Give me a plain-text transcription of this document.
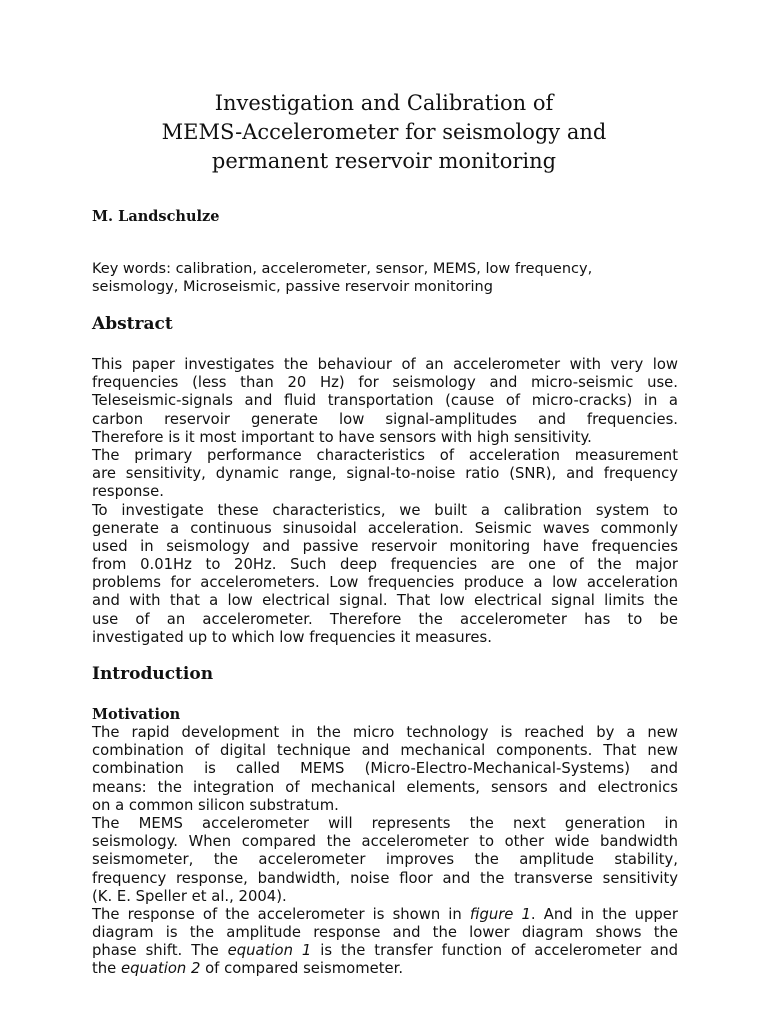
Investigation and Calibration of
MEMS-Accelerometer for seismology and
permanent reservoir monitoring
M. Landschulze
Key words: calibration, accelerometer, sensor, MEMS, low frequency,
seismology, Microseismic, passive reservoir monitoring
Abstract
This paper investigates the behaviour of an accelerometer with very low
frequencies (less than 20 Hz) for seismology and micro-seismic use.
Teleseismic-signals and fluid transportation (cause of micro-cracks) in a
carbon reservoir generate low signal-amplitudes and frequencies.
Therefore is it most important to have sensors with high sensitivity.
The primary performance characteristics of acceleration measurement
are sensitivity, dynamic range, signal-to-noise ratio (SNR), and frequency
response.
To investigate these characteristics, we built a calibration system to
generate a continuous sinusoidal acceleration. Seismic waves commonly
used in seismology and passive reservoir monitoring have frequencies
from 0.01Hz to 20Hz. Such deep frequencies are one of the major
problems for accelerometers. Low frequencies produce a low acceleration
and with that a low electrical signal. That low electrical signal limits the
use of an accelerometer. Therefore the accelerometer has to be
investigated up to which low frequencies it measures.
Introduction
Motivation
The rapid development in the micro technology is reached by a new
combination of digital technique and mechanical components. That new
combination is called MEMS (Micro-Electro-Mechanical-Systems) and
means: the integration of mechanical elements, sensors and electronics
on a common silicon substratum.
The MEMS accelerometer will represents the next generation in
seismology. When compared the accelerometer to other wide bandwidth
seismometer, the accelerometer improves the amplitude stability,
frequency response, bandwidth, noise floor and the transverse sensitivity
(K. E. Speller et al., 2004).
The response of the accelerometer is shown in figure 1. And in the upper
diagram is the amplitude response and the lower diagram shows the
phase shift. The equation 1 is the transfer function of accelerometer and
the equation 2 of compared seismometer.
